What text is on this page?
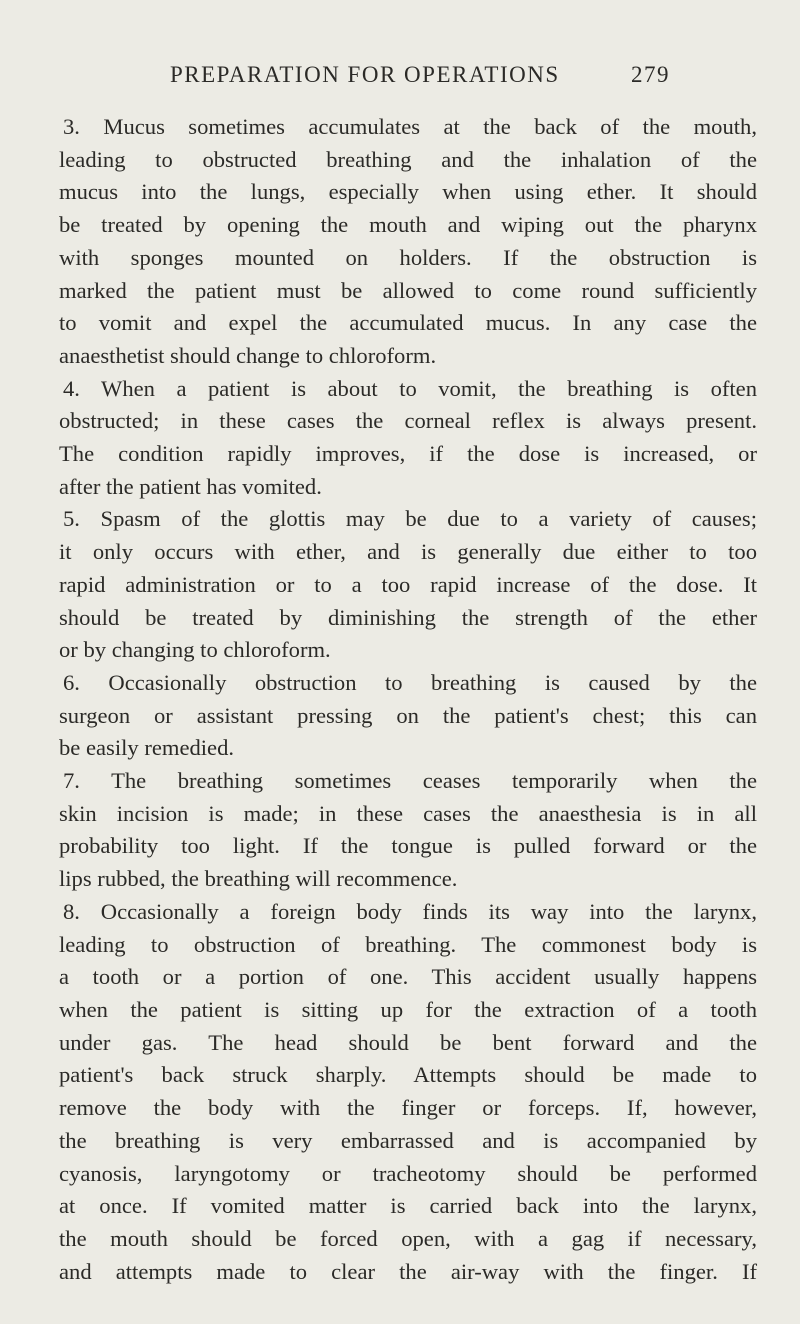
PREPARATION FOR OPERATIONS	279

3. Mucus sometimes accumulates at the back of the mouth,
leading to obstructed breathing and the inhalation of the
mucus into the lungs, especially when using ether. It should
be treated by opening the mouth and wiping out the pharynx
with sponges mounted on holders. If the obstruction is
marked the patient must be allowed to come round sufficiently
to vomit and expel the accumulated mucus. In any case the
anaesthetist should change to chloroform.

4. When a patient is about to vomit, the breathing is often
obstructed; in these cases the corneal reflex is always present.
The condition rapidly improves, if the dose is increased, or
after the patient has vomited.

5. Spasm of the glottis may be due to a variety of causes;
it only occurs with ether, and is generally due either to too
rapid administration or to a too rapid increase of the dose. It
should be treated by diminishing the strength of the ether
or by changing to chloroform.

6. Occasionally obstruction to breathing is caused by the
surgeon or assistant pressing on the patient's chest; this can
be easily remedied.

7. The breathing sometimes ceases temporarily when the
skin incision is made; in these cases the anaesthesia is in all
probability too light. If the tongue is pulled forward or the
lips rubbed, the breathing will recommence.

8. Occasionally a foreign body finds its way into the larynx,
leading to obstruction of breathing. The commonest body is
a tooth or a portion of one. This accident usually happens
when the patient is sitting up for the extraction of a tooth
under gas. The head should be bent forward and the
patient's back struck sharply. Attempts should be made to
remove the body with the finger or forceps. If, however,
the breathing is very embarrassed and is accompanied by
cyanosis, laryngotomy or tracheotomy should be performed
at once. If vomited matter is carried back into the larynx,
the mouth should be forced open, with a gag if necessary,
and attempts made to clear the air-way with the finger. If
